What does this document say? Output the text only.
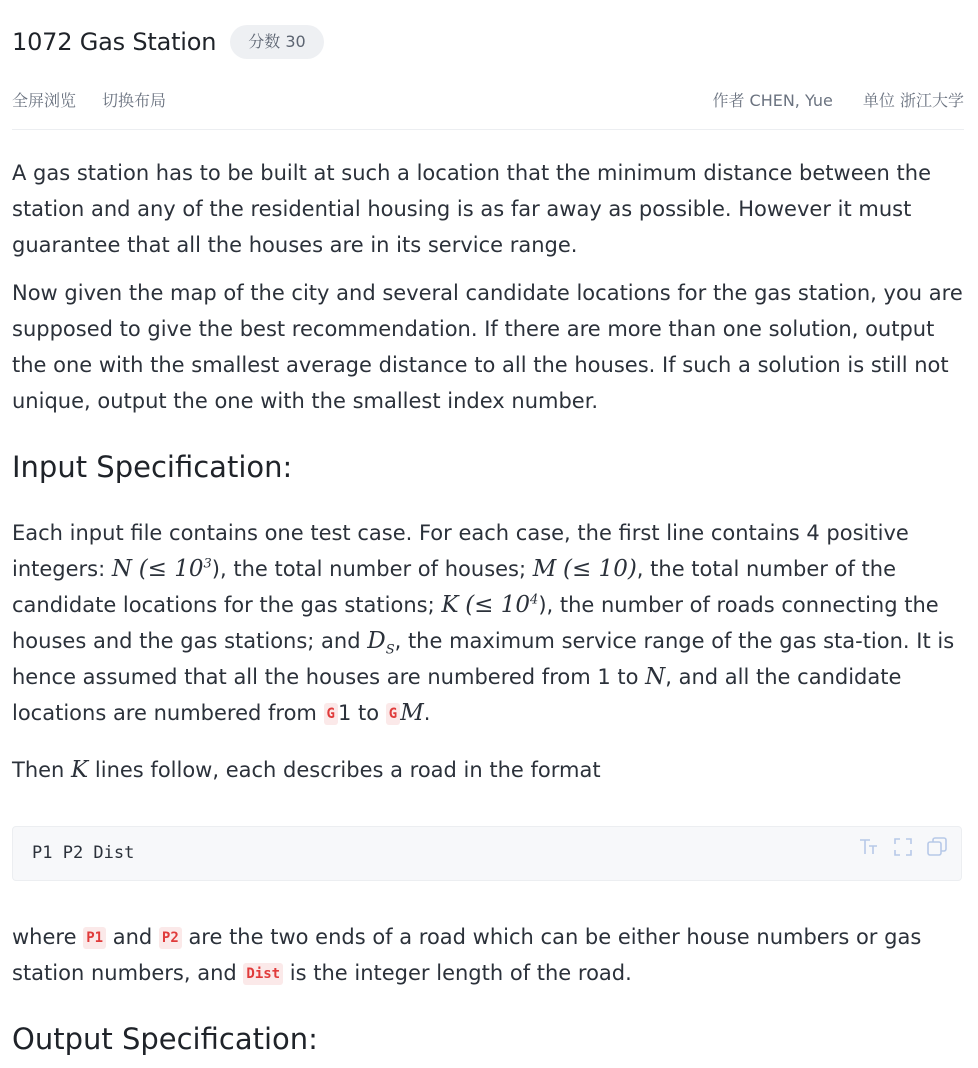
1072 Gas Station	分数 30
全屏浏览 切换布局	作者 CHEN, Yue 单位 浙江大学

A gas station has to be built at such a location that the minimum distance between the station and any of the residential housing is as far away as possible. However it must guarantee that all the houses are in its service range.

Now given the map of the city and several candidate locations for the gas station, you are supposed to give the best recommendation. If there are more than one solution, output the one with the smallest average distance to all the houses. If such a solution is still not unique, output the one with the smallest index number.

Input Specification:

Each input file contains one test case. For each case, the first line contains 4 positive integers: N (≤ $10^3$), the total number of houses; M (≤ 10), the total number of the candidate locations for the gas stations; K (≤ $10^4$), the number of roads connecting the houses and the gas stations; and $D_S$, the maximum service range of the gas sta-tion. It is hence assumed that all the houses are numbered from 1 to N, and all the candidate locations are numbered from G 1 to G M.

Then K lines follow, each describes a road in the format

P1 P2 Dist

where P1 and P2 are the two ends of a road which can be either house numbers or gas station numbers, and Dist is the integer length of the road.

Output Specification:
